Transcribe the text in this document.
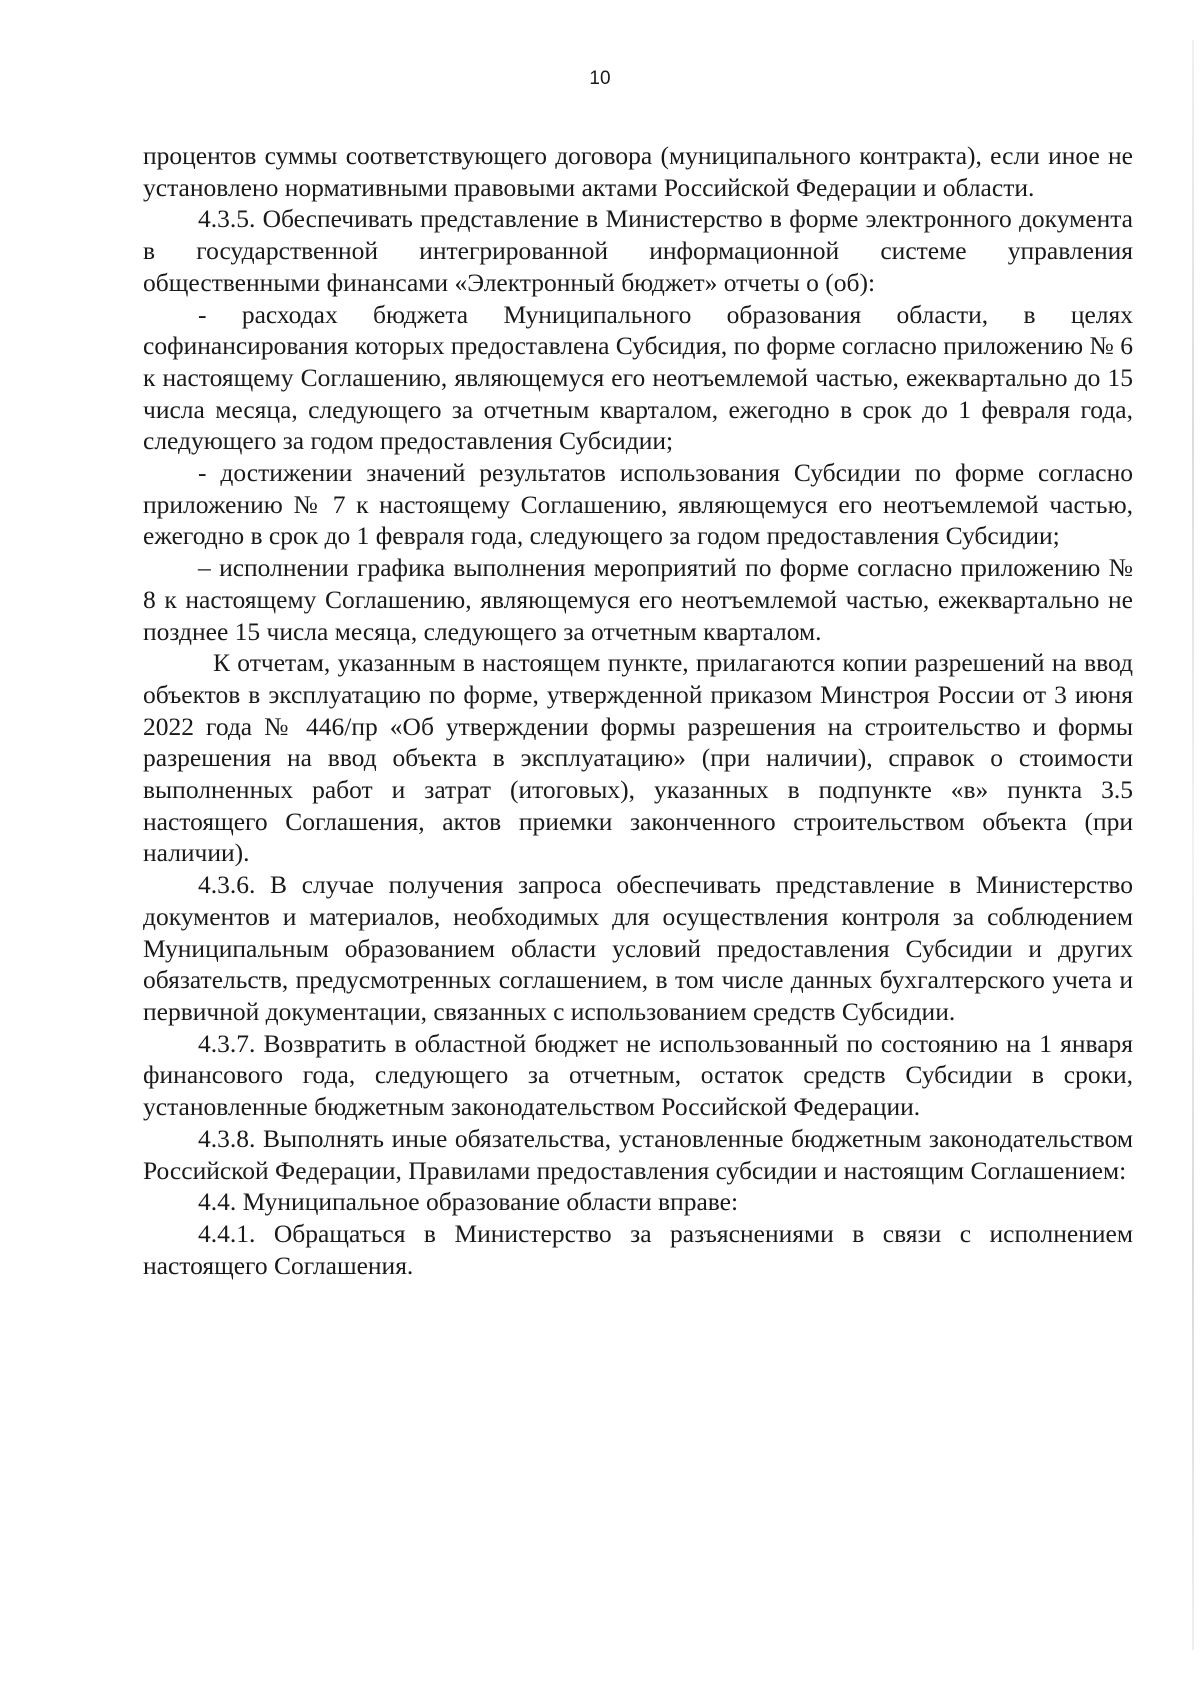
10

процентов суммы соответствующего договора (муниципального контракта), если иное не установлено нормативными правовыми актами Российской Федерации и области.

4.3.5. Обеспечивать представление в Министерство в форме электронного документа в государственной интегрированной информационной системе управления общественными финансами «Электронный бюджет» отчеты о (об):

- расходах бюджета Муниципального образования области, в целях софинансирования которых предоставлена Субсидия, по форме согласно приложению № 6 к настоящему Соглашению, являющемуся его неотъемлемой частью, ежеквартально до 15 числа месяца, следующего за отчетным кварталом, ежегодно в срок до 1 февраля года, следующего за годом предоставления Субсидии;

- достижении значений результатов использования Субсидии по форме согласно приложению № 7 к настоящему Соглашению, являющемуся его неотъемлемой частью, ежегодно в срок до 1 февраля года, следующего за годом предоставления Субсидии;

– исполнении графика выполнения мероприятий по форме согласно приложению № 8 к настоящему Соглашению, являющемуся его неотъемлемой частью, ежеквартально не позднее 15 числа месяца, следующего за отчетным кварталом.

К отчетам, указанным в настоящем пункте, прилагаются копии разрешений на ввод объектов в эксплуатацию по форме, утвержденной приказом Минстроя России от 3 июня 2022 года № 446/пр «Об утверждении формы разрешения на строительство и формы разрешения на ввод объекта в эксплуатацию» (при наличии), справок о стоимости выполненных работ и затрат (итоговых), указанных в подпункте «в» пункта 3.5 настоящего Соглашения, актов приемки законченного строительством объекта (при наличии).

4.3.6. В случае получения запроса обеспечивать представление в Министерство документов и материалов, необходимых для осуществления контроля за соблюдением Муниципальным образованием области условий предоставления Субсидии и других обязательств, предусмотренных соглашением, в том числе данных бухгалтерского учета и первичной документации, связанных с использованием средств Субсидии.

4.3.7. Возвратить в областной бюджет не использованный по состоянию на 1 января финансового года, следующего за отчетным, остаток средств Субсидии в сроки, установленные бюджетным законодательством Российской Федерации.

4.3.8. Выполнять иные обязательства, установленные бюджетным законодательством Российской Федерации, Правилами предоставления субсидии и настоящим Соглашением:

4.4. Муниципальное образование области вправе:

4.4.1. Обращаться в Министерство за разъяснениями в связи с исполнением настоящего Соглашения.
